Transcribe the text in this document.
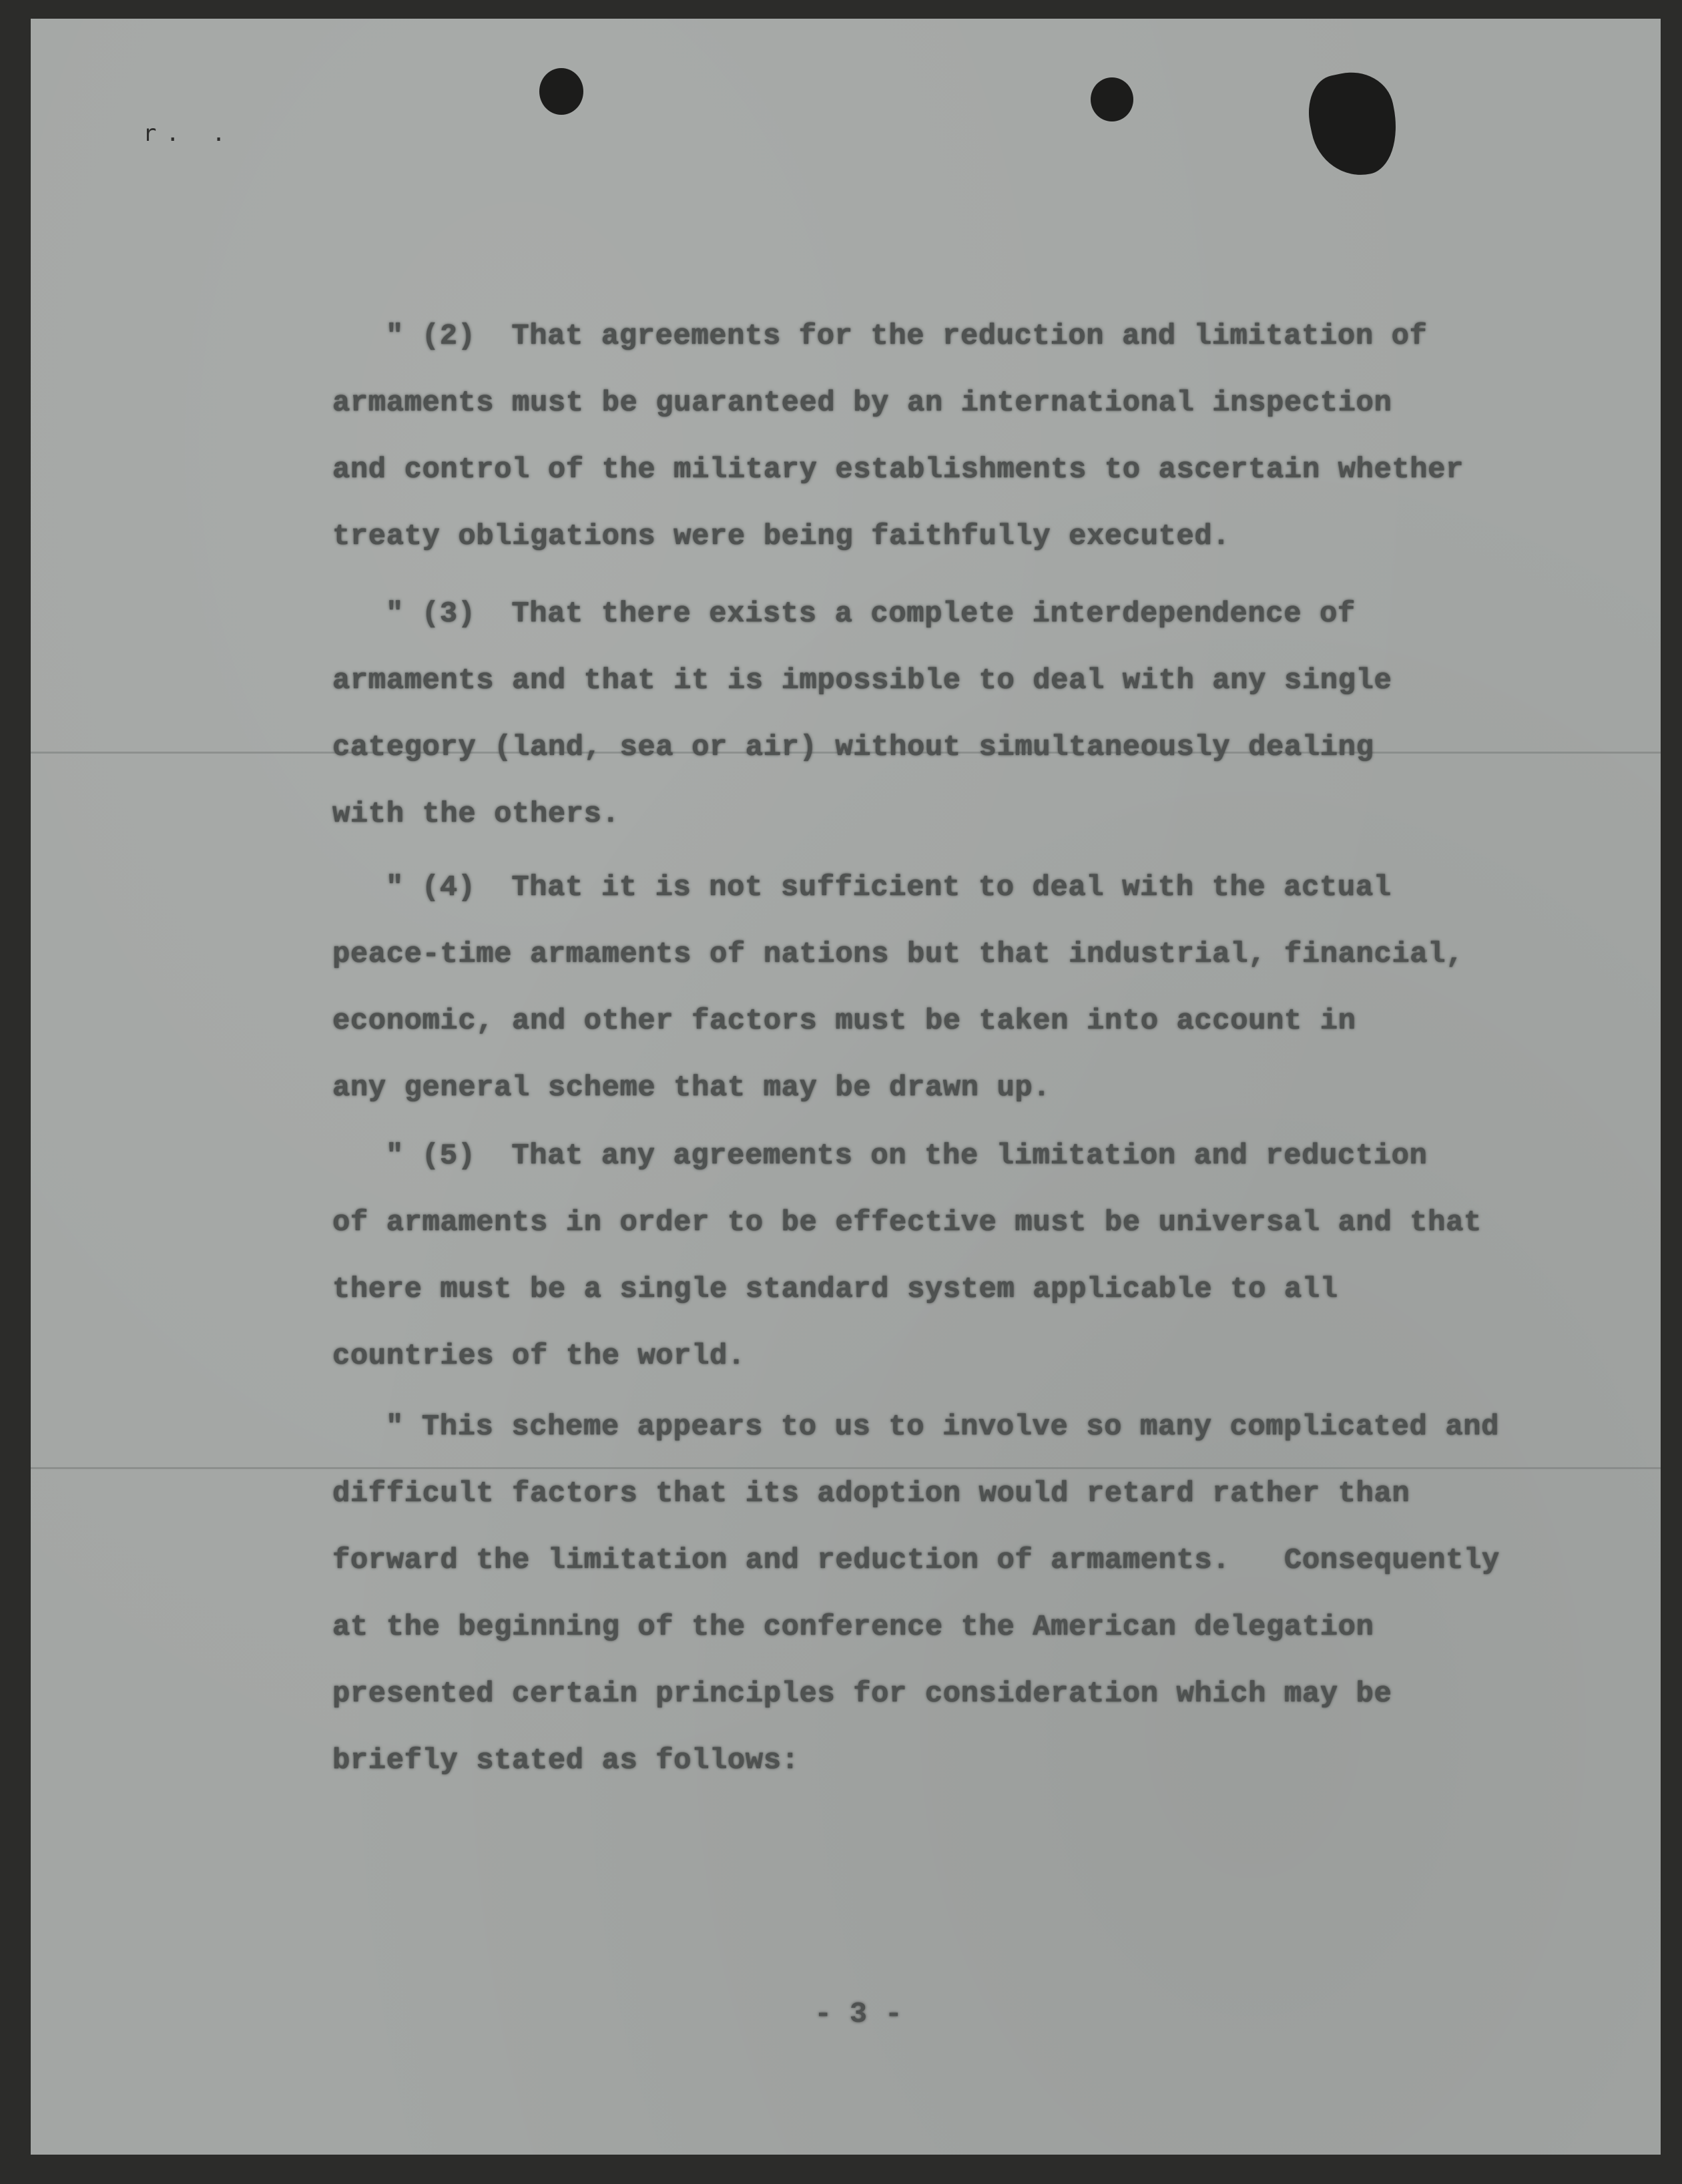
r. .
" (2)  That agreements for the reduction and limitation of
armaments must be guaranteed by an international inspection
and control of the military establishments to ascertain whether
treaty obligations were being faithfully executed.
" (3)  That there exists a complete interdependence of
armaments and that it is impossible to deal with any single
category (land, sea or air) without simultaneously dealing
with the others.
" (4)  That it is not sufficient to deal with the actual
peace-time armaments of nations but that industrial, financial,
economic, and other factors must be taken into account in
any general scheme that may be drawn up.
" (5)  That any agreements on the limitation and reduction
of armaments in order to be effective must be universal and that
there must be a single standard system applicable to all
countries of the world.
" This scheme appears to us to involve so many complicated and
difficult factors that its adoption would retard rather than
forward the limitation and reduction of armaments.   Consequently
at the beginning of the conference the American delegation
presented certain principles for consideration which may be
briefly stated as follows:
- 3 -
